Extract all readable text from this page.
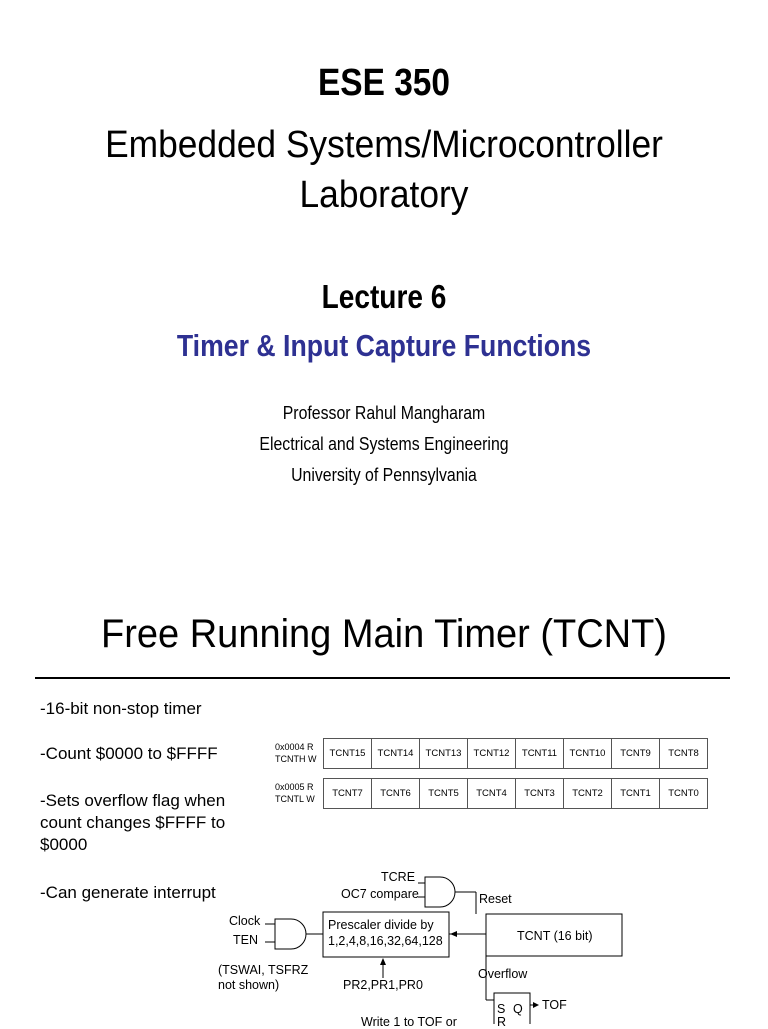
ESE 350
Embedded Systems/Microcontroller
Laboratory
Lecture 6
Timer & Input Capture Functions
Professor Rahul Mangharam
Electrical and Systems Engineering
University of Pennsylvania
Free Running Main Timer (TCNT)
-16-bit non-stop timer
-Count $0000 to $FFFF
-Sets overflow flag when count changes $FFFF to $0000
-Can generate interrupt
0x0004 R
TCNTH W TCNT15	TCNT14	TCNT13	TCNT12	TCNT11	TCNT10	TCNT9	TCNT8
0x0005 R
TCNTL W TCNT7	TCNT6	TCNT5	TCNT4	TCNT3	TCNT2	TCNT1	TCNT0
TCRE
OC7 compare	Reset
Clock
TEN
Prescaler divide by
1,2,4,8,16,32,64,128	TCNT (16 bit)
(TSWAI, TSFRZ
not shown)	PR2,PR1,PR0
Overflow
S Q
R
TOF
Write 1 to TOF or
